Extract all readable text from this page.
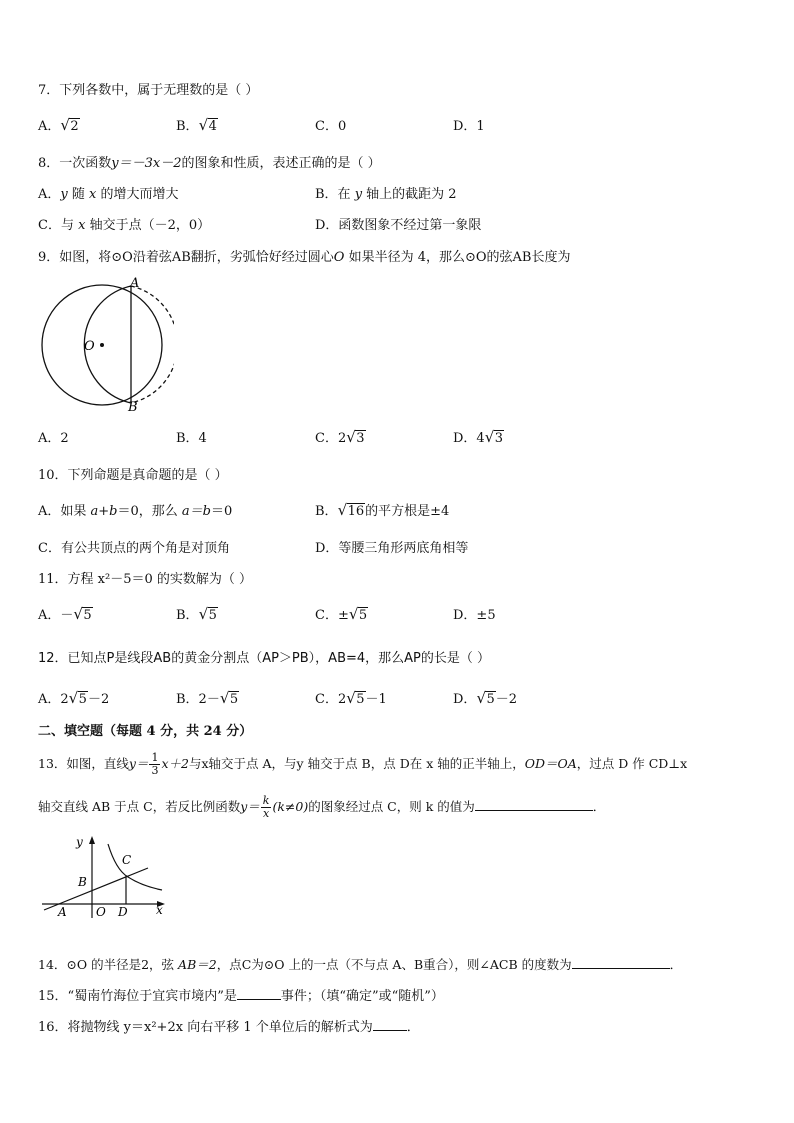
7．下列各数中，属于无理数的是（ ）
A． √ 2	B． √ 4	C．0	D．1
8．一次函数y＝－3x－2的图象和性质，表述正确的是（ ）
A．y 随 x 的增大而增大	B．在 y 轴上的截距为 2
C．与 x 轴交于点（－2，0）	D．函数图象不经过第一象限
9．如图，将⊙O沿着弦AB翻折，劣弧恰好经过圆心O 如果半径为 4，那么⊙O的弦AB长度为
A
B
O
A．2	B．4	C．2 √ 3	D．4 √ 3
10．下列命题是真命题的是（ ）
A．如果 a+b＝0，那么 a＝b＝0	B． √ 16的平方根是±4
C．有公共顶点的两个角是对顶角	D．等腰三角形两底角相等
11．方程 x²－5＝0 的实数解为（ ）
A．－ √ 5	B． √ 5	C．± √ 5	D．±5
12．已知点P是线段AB的黄金分割点（AP＞PB），AB=4，那么AP的长是（ ）
A．2 √ 5－2	B．2－ √ 5	C．2 √ 5－1	D． √ 5－2
二、填空题（每题 4 分，共 24 分）
13．如图，直线$y= \frac{1}{3} x+2$与x轴交于点 A，与y 轴交于点 B，点 D在 x 轴的正半轴上，OD＝OA，过点 D 作 CD⊥x
轴交直线 AB 于点 C，若反比例函数$y= \frac{k}{x} (k\ne 0)$的图象经过点 C，则 k 的值为	．
y
x
C
B
A O D
14．⊙O 的半径是2，弦 AB＝2，点C为⊙O 上的一点（不与点 A、B重合），则∠ACB 的度数为	．
15．“蜀南竹海位于宜宾市境内”是	事件；（填“确定”或“随机”）
16．将抛物线 y＝x²+2x 向右平移 1 个单位后的解析式为	．
